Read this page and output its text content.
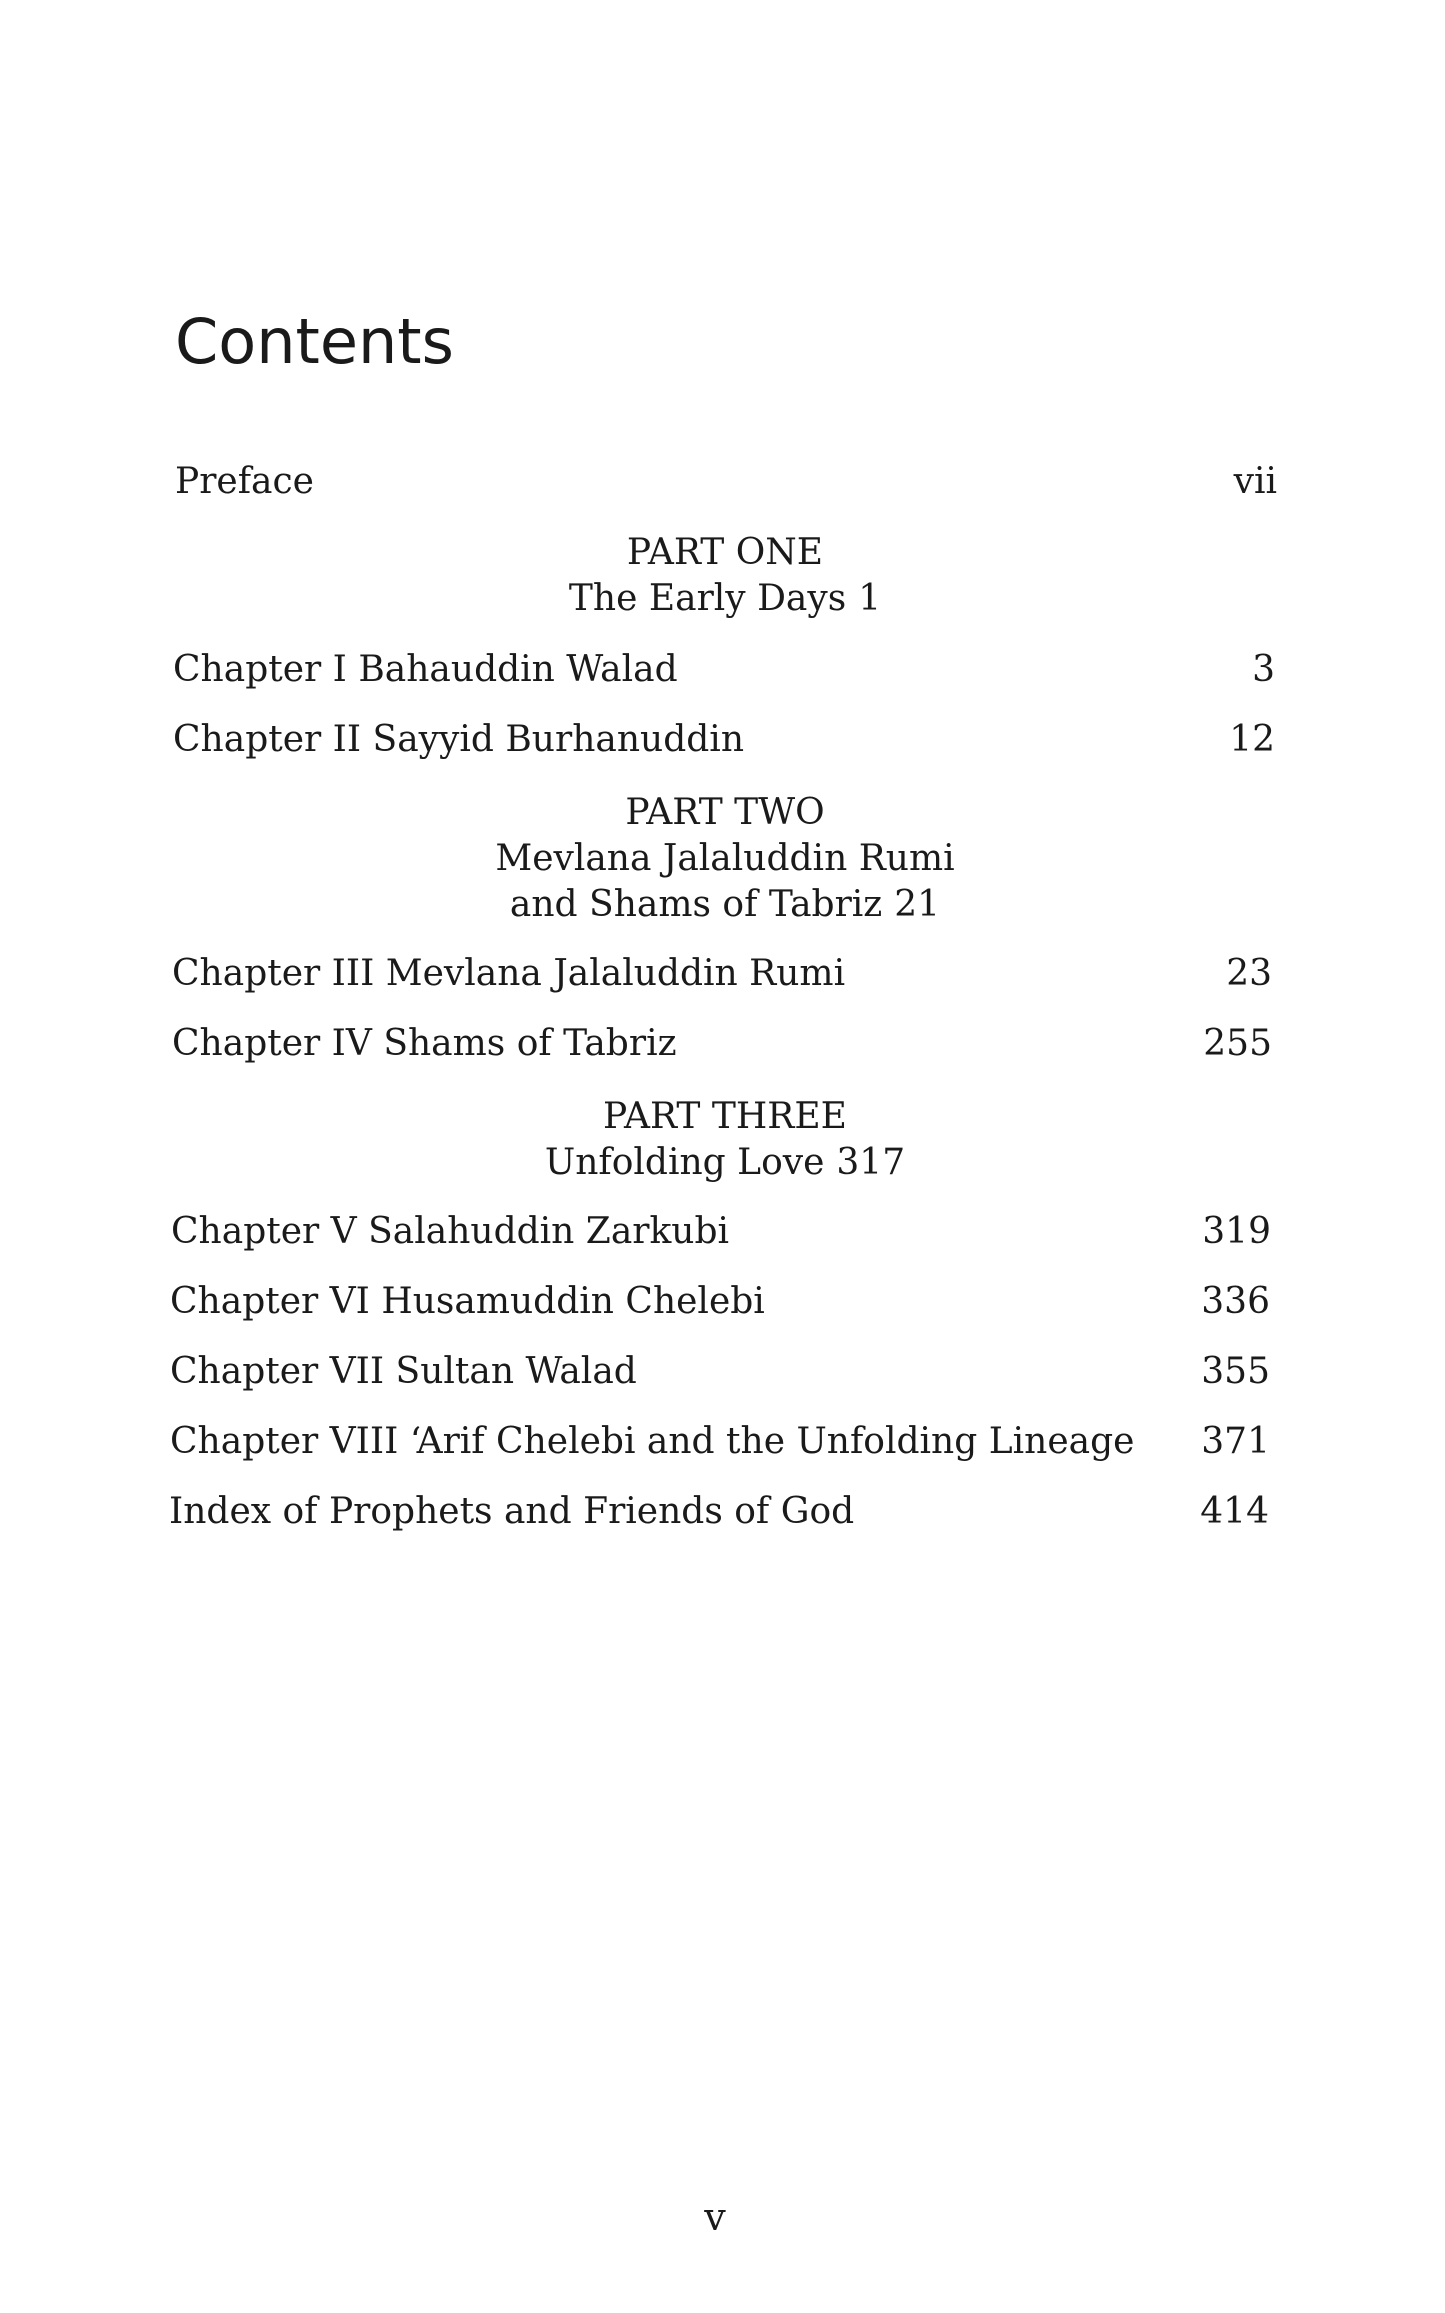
Contents
Preface	vii
PART ONE
The Early Days 1
Chapter I Bahauddin Walad	3
Chapter II Sayyid Burhanuddin	12
PART TWO
Mevlana Jalaluddin Rumi
and Shams of Tabriz 21
Chapter III Mevlana Jalaluddin Rumi	23
Chapter IV Shams of Tabriz	255
PART THREE
Unfolding Love 317
Chapter V Salahuddin Zarkubi	319
Chapter VI Husamuddin Chelebi	336
Chapter VII Sultan Walad	355
Chapter VIII ‘Arif Chelebi and the Unfolding Lineage 371
Index of Prophets and Friends of God	414
v
